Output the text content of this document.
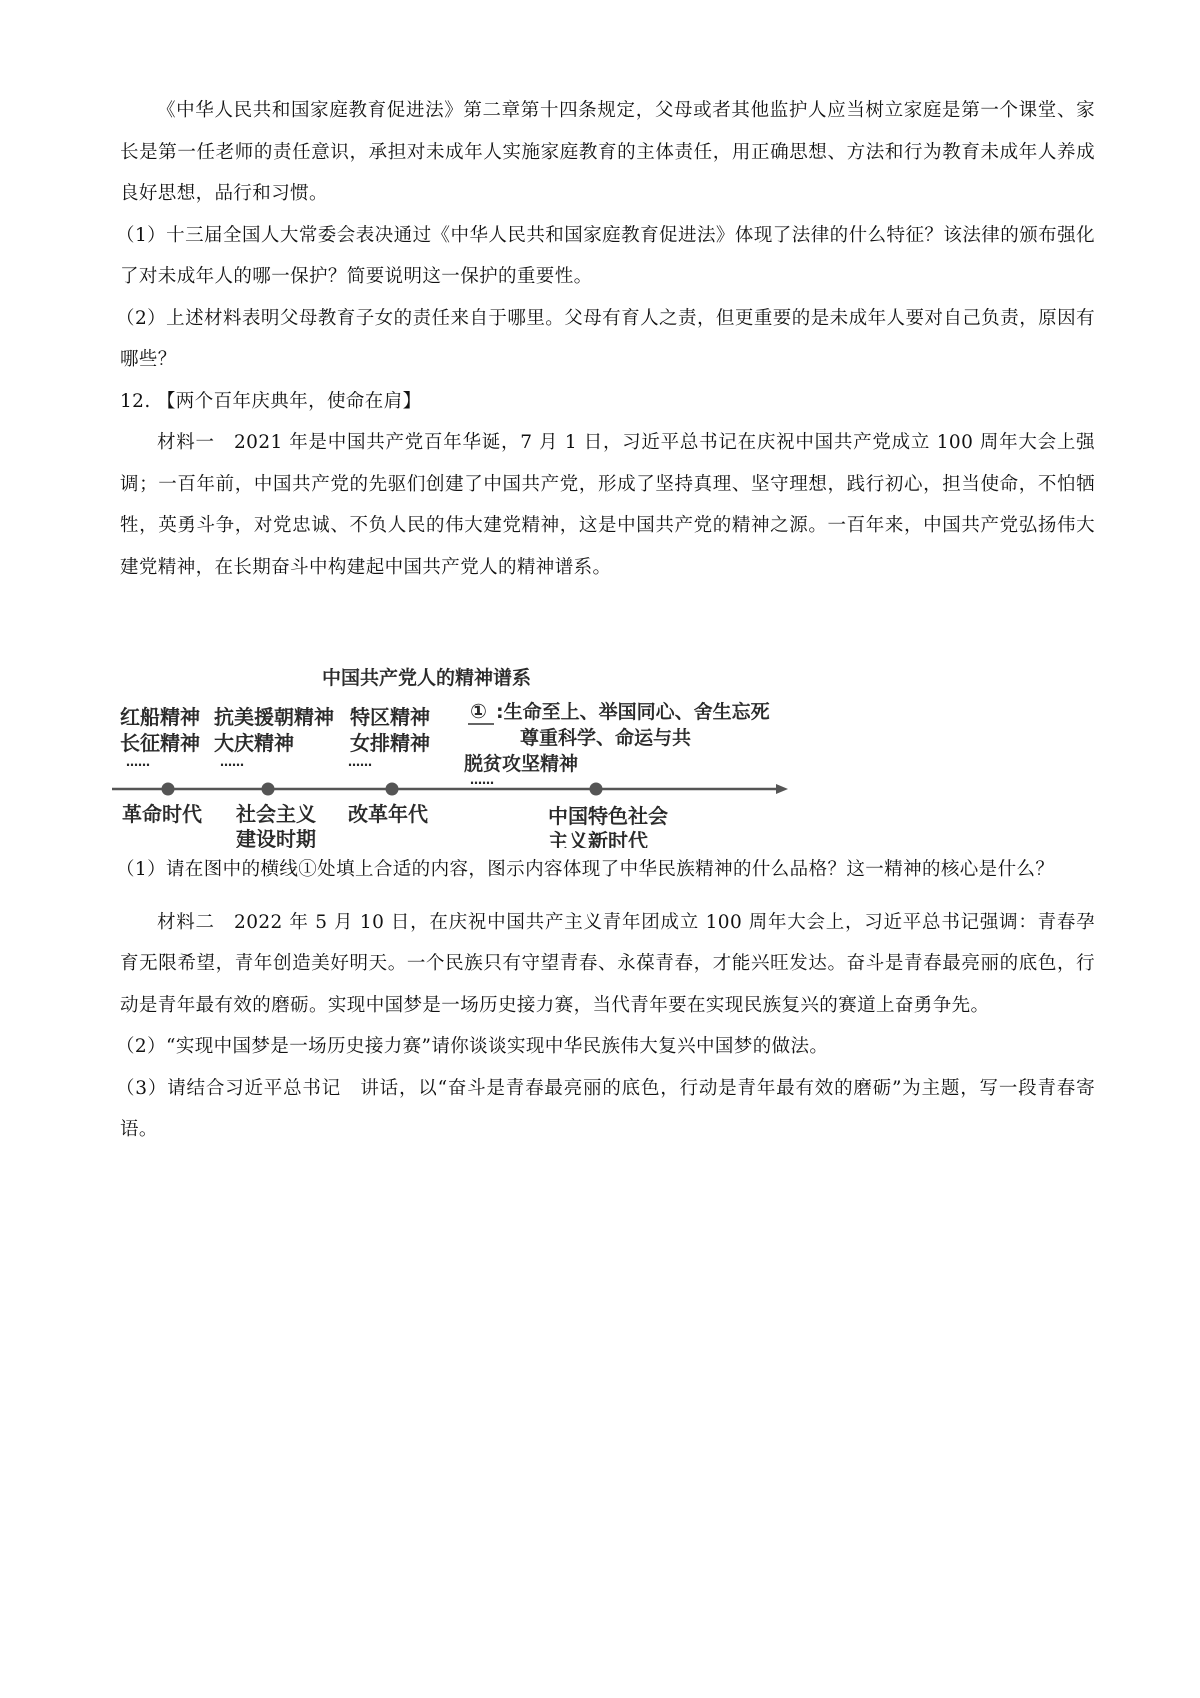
《中华人民共和国家庭教育促进法》第二章第十四条规定，父母或者其他监护人应当树立家庭是第一个课堂、家长是第一任老师的责任意识，承担对未成年人实施家庭教育的主体责任，用正确思想、方法和行为教育未成年人养成良好思想，品行和习惯。

（1）十三届全国人大常委会表决通过《中华人民共和国家庭教育促进法》体现了法律的什么特征？该法律的颁布强化了对未成年人的哪一保护？简要说明这一保护的重要性。

（2）上述材料表明父母教育子女的责任来自于哪里。父母有育人之责，但更重要的是未成年人要对自己负责，原因有哪些？

12. 【两个百年庆典年，使命在肩】

材料一　2021 年是中国共产党百年华诞，7 月 1 日，习近平总书记在庆祝中国共产党成立 100 周年大会上强调；一百年前，中国共产党的先驱们创建了中国共产党，形成了坚持真理、坚守理想，践行初心，担当使命，不怕牺牲，英勇斗争，对党忠诚、不负人民的伟大建党精神，这是中国共产党的精神之源。一百年来，中国共产党弘扬伟大建党精神，在长期奋斗中构建起中国共产党人的精神谱系。

中国共产党人的精神谱系
红船精神
长征精神
……
抗美援朝精神
大庆精神
……
特区精神
女排精神
……
① :生命至上、举国同心、舍生忘死
尊重科学、命运与共
脱贫攻坚精神
……
革命时代 社会主义
建设时期
改革年代	中国特色社会
主义新时代

（1）请在图中的横线①处填上合适的内容，图示内容体现了中华民族精神的什么品格？这一精神的核心是什么？

材料二　2022 年 5 月 10 日，在庆祝中国共产主义青年团成立 100 周年大会上，习近平总书记强调：青春孕育无限希望，青年创造美好明天。一个民族只有守望青春、永葆青春，才能兴旺发达。奋斗是青春最亮丽的底色，行动是青年最有效的磨砺。实现中国梦是一场历史接力赛，当代青年要在实现民族复兴的赛道上奋勇争先。

（2）“实现中国梦是一场历史接力赛”请你谈谈实现中华民族伟大复兴中国梦的做法。

（3）请结合习近平总书记　讲话，以“奋斗是青春最亮丽的底色，行动是青年最有效的磨砺”为主题，写一段青春寄语。
